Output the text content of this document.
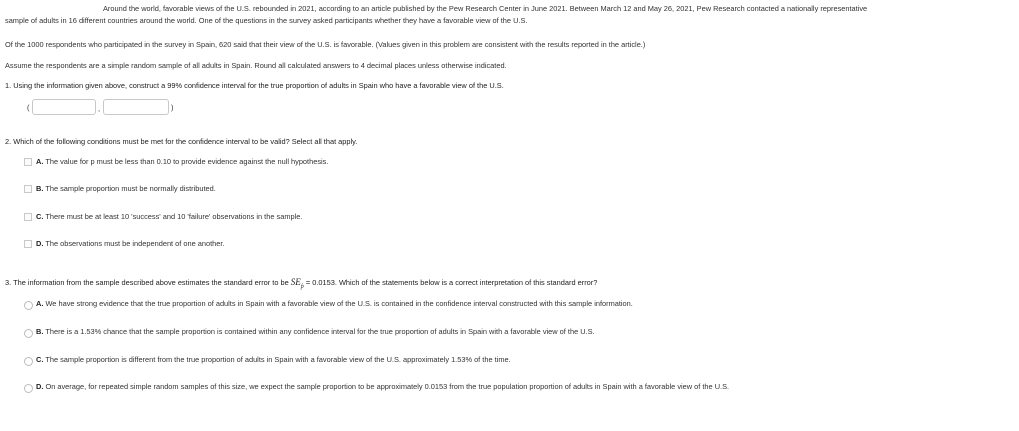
Around the world, favorable views of the U.S. rebounded in 2021, according to an article published by the Pew Research Center in June 2021. Between March 12 and May 26, 2021, Pew Research contacted a nationally representative
sample of adults in 16 different countries around the world. One of the questions in the survey asked participants whether they have a favorable view of the U.S.
Of the 1000 respondents who participated in the survey in Spain, 620 said that their view of the U.S. is favorable. (Values given in this problem are consistent with the results reported in the article.)
Assume the respondents are a simple random sample of all adults in Spain. Round all calculated answers to 4 decimal places unless otherwise indicated.
1. Using the information given above, construct a 99% confidence interval for the true proportion of adults in Spain who have a favorable view of the U.S.
(	,	)
2. Which of the following conditions must be met for the confidence interval to be valid? Select all that apply.
A. The value for p must be less than 0.10 to provide evidence against the null hypothesis.
B. The sample proportion must be normally distributed.
C. There must be at least 10 'success' and 10 'failure' observations in the sample.
D. The observations must be independent of one another.
3. The information from the sample described above estimates the standard error to be $SE_{p̂} = 0.0153$. Which of the statements below is a correct interpretation of this standard error?
A. We have strong evidence that the true proportion of adults in Spain with a favorable view of the U.S. is contained in the confidence interval constructed with this sample information.
B. There is a 1.53% chance that the sample proportion is contained within any confidence interval for the true proportion of adults in Spain with a favorable view of the U.S.
C. The sample proportion is different from the true proportion of adults in Spain with a favorable view of the U.S. approximately 1.53% of the time.
D. On average, for repeated simple random samples of this size, we expect the sample proportion to be approximately 0.0153 from the true population proportion of adults in Spain with a favorable view of the U.S.
